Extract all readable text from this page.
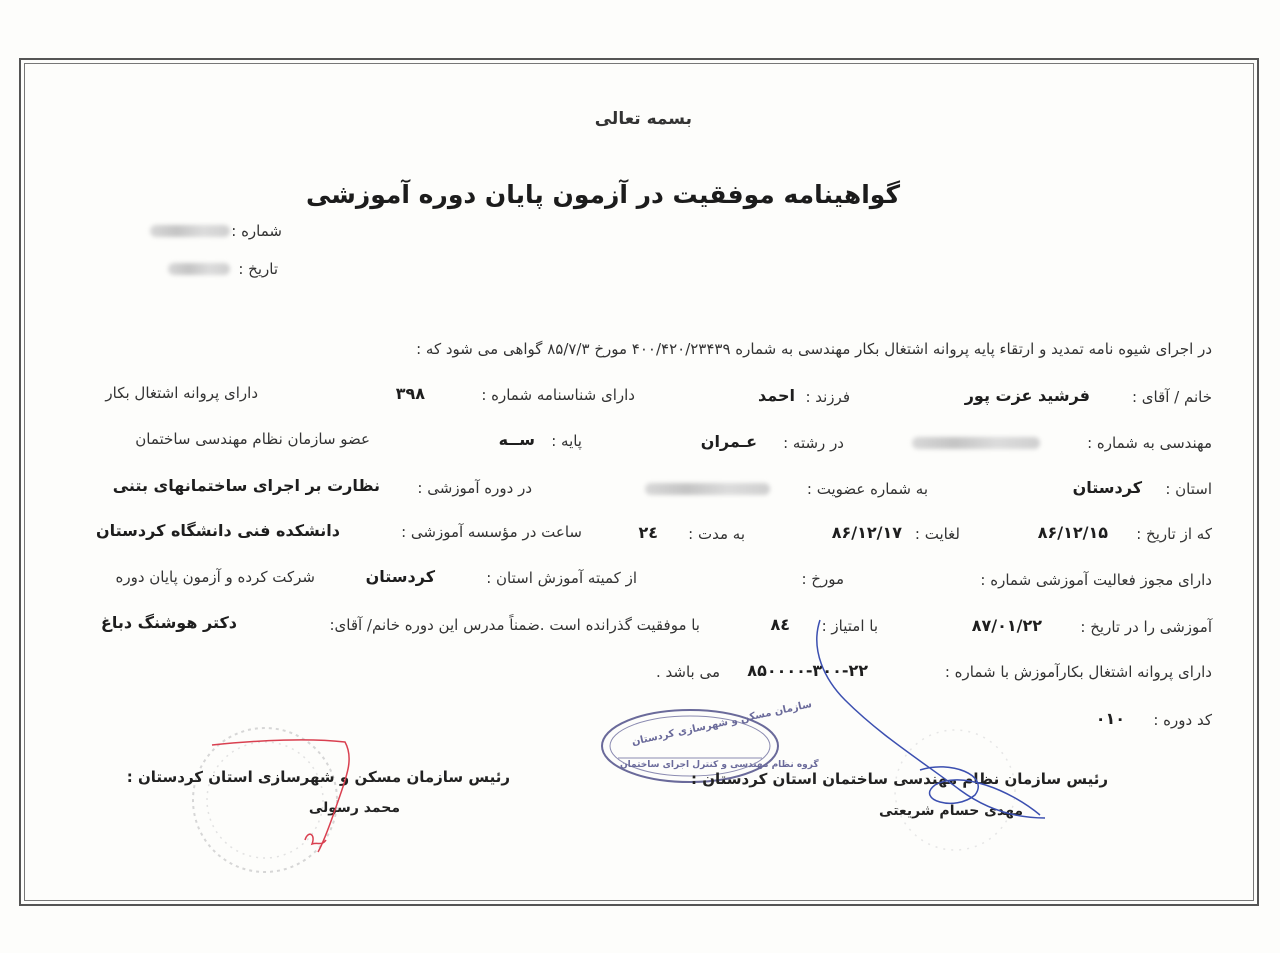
بسمه تعالی
گواهینامه موفقیت در آزمون پایان دوره آموزشی
شماره :
تاریخ :
در اجرای شیوه نامه تمدید و ارتقاء پایه پروانه اشتغال بکار مهندسی به شماره ۴۰۰/۴۲۰/۲۳۴۳۹ مورخ ۸۵/۷/۳ گواهی می شود که :
خانم / آقای :
فرشید عزت پور
فرزند :
احمد
دارای شناسنامه شماره :
۳۹۸
دارای پروانه اشتغال بکار
مهندسی به شماره :
در رشته :
عـمران
پایه :
ســه
عضو سازمان نظام مهندسی ساختمان
استان :
کردستان
به شماره عضویت :
در دوره آموزشی :
نظارت بر اجرای ساختمانهای بتنی
که از تاریخ :
۸۶/۱۲/۱۵
لغایت :
۸۶/۱۲/۱۷
به مدت :
۲٤
ساعت در مؤسسه آموزشی :
دانشکده فنی دانشگاه کردستان
دارای مجوز فعالیت آموزشی شماره :
مورخ :
از کمیته آموزش استان :
کردستان
شرکت کرده و آزمون پایان دوره
آموزشی را در تاریخ :
۸۷/۰۱/۲۲
با امتیاز :
۸٤
با موفقیت گذرانده است .ضمناً مدرس این دوره خانم/ آقای:
دکتر هوشنگ دباغ
دارای پروانه اشتغال بکارآموزش با شماره :
۸۵۰۰۰۰-۳۰۰-۲۲
می باشد .
کد دوره :
۰۱۰
سازمان مسکن و شهرسازی کردستان
گروه نظام مهندسی و کنترل اجرای ساختمان
رئیس سازمان نظام مهندسی ساختمان استان کردستان :
مهدی حسام شریعتی
رئیس سازمان مسکن و شهرسازی استان کردستان :
محمد رسولی
